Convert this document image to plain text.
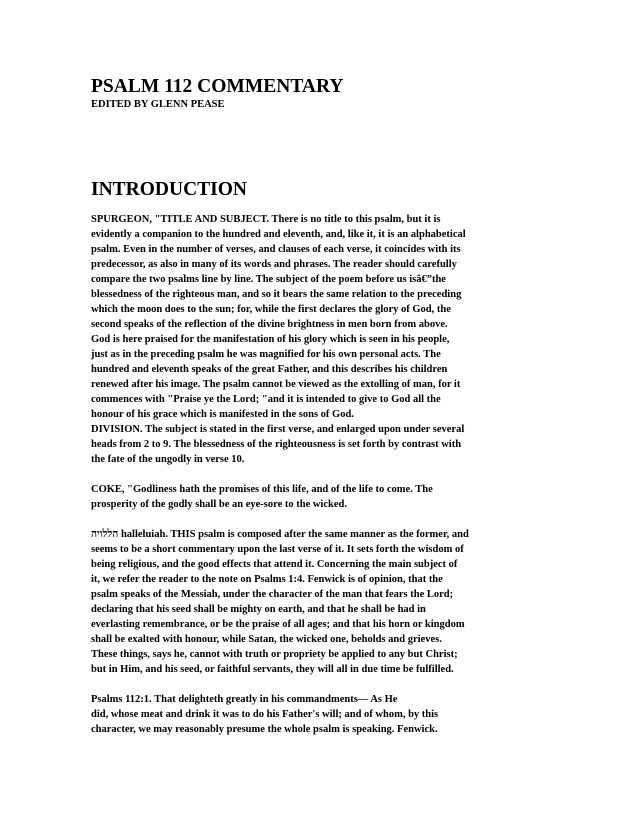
PSALM 112 COMMENTARY
EDITED BY GLENN PEASE
INTRODUCTION
SPURGEON, "TITLE AND SUBJECT. There is no title to this psalm, but it is
evidently a companion to the hundred and eleventh, and, like it, it is an alphabetical
psalm. Even in the number of verses, and clauses of each verse, it coincides with its
predecessor, as also in many of its words and phrases. The reader should carefully
compare the two psalms line by line. The subject of the poem before us isâ€”the
blessedness of the righteous man, and so it bears the same relation to the preceding
which the moon does to the sun; for, while the first declares the glory of God, the
second speaks of the reflection of the divine brightness in men born from above.
God is here praised for the manifestation of his glory which is seen in his people,
just as in the preceding psalm he was magnified for his own personal acts. The
hundred and eleventh speaks of the great Father, and this describes his children
renewed after his image. The psalm cannot be viewed as the extolling of man, for it
commences with "Praise ye the Lord; "and it is intended to give to God all the
honour of his grace which is manifested in the sons of God.
DIVISION. The subject is stated in the first verse, and enlarged upon under several
heads from 2 to 9. The blessedness of the righteousness is set forth by contrast with
the fate of the ungodly in verse 10.
COKE, "Godliness hath the promises of this life, and of the life to come. The
prosperity of the godly shall be an eye-sore to the wicked.
הללויה halleluiah. THIS psalm is composed after the same manner as the former, and
seems to be a short commentary upon the last verse of it. It sets forth the wisdom of
being religious, and the good effects that attend it. Concerning the main subject of
it, we refer the reader to the note on Psalms 1:4. Fenwick is of opinion, that the
psalm speaks of the Messiah, under the character of the man that fears the Lord;
declaring that his seed shall be mighty on earth, and that he shall be had in
everlasting remembrance, or be the praise of all ages; and that his horn or kingdom
shall be exalted with honour, while Satan, the wicked one, beholds and grieves.
These things, says he, cannot with truth or propriety be applied to any but Christ;
but in Him, and his seed, or faithful servants, they will all in due time be fulfilled.
Psalms 112:1. That delighteth greatly in his commandments— As He
did, whose meat and drink it was to do his Father's will; and of whom, by this
character, we may reasonably presume the whole psalm is speaking. Fenwick.
